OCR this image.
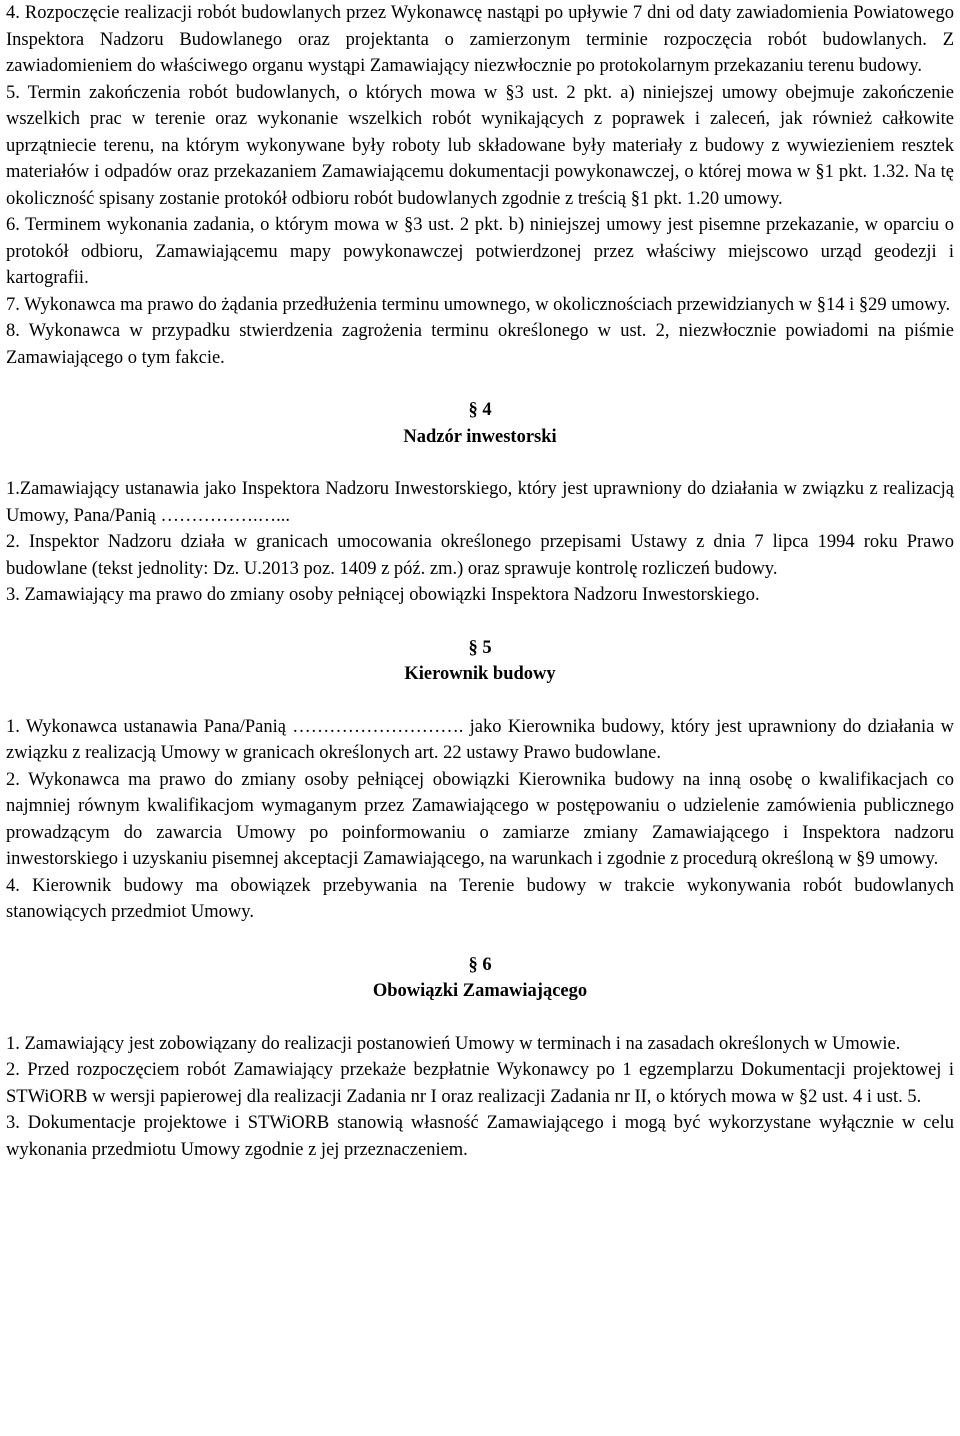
4. Rozpoczęcie realizacji robót budowlanych przez Wykonawcę nastąpi po upływie 7 dni od daty zawiadomienia Powiatowego Inspektora Nadzoru Budowlanego oraz projektanta o zamierzonym terminie rozpoczęcia robót budowlanych. Z zawiadomieniem do właściwego organu wystąpi Zamawiający niezwłocznie po protokolarnym przekazaniu terenu budowy.

5. Termin zakończenia robót budowlanych, o których mowa w §3 ust. 2 pkt. a) niniejszej umowy obejmuje zakończenie wszelkich prac w terenie oraz wykonanie wszelkich robót wynikających z poprawek i zaleceń, jak również całkowite uprzątniecie terenu, na którym wykonywane były roboty lub składowane były materiały z budowy z wywiezieniem resztek materiałów i odpadów oraz przekazaniem Zamawiającemu dokumentacji powykonawczej, o której mowa w §1 pkt. 1.32. Na tę okoliczność spisany zostanie protokół odbioru robót budowlanych zgodnie z treścią §1 pkt. 1.20 umowy.

6. Terminem wykonania zadania, o którym mowa w §3 ust. 2 pkt. b) niniejszej umowy jest pisemne przekazanie, w oparciu o protokół odbioru, Zamawiającemu mapy powykonawczej potwierdzonej przez właściwy miejscowo urząd geodezji i kartografii.

7. Wykonawca ma prawo do żądania przedłużenia terminu umownego, w okolicznościach przewidzianych w §14 i §29 umowy.

8. Wykonawca w przypadku stwierdzenia zagrożenia terminu określonego w ust. 2, niezwłocznie powiadomi na piśmie Zamawiającego o tym fakcie.

§ 4

Nadzór inwestorski

1.Zamawiający ustanawia jako Inspektora Nadzoru Inwestorskiego, który jest uprawniony do działania w związku z realizacją Umowy, Pana/Panią …………….…...

2. Inspektor Nadzoru działa w granicach umocowania określonego przepisami Ustawy z dnia 7 lipca 1994 roku Prawo budowlane (tekst jednolity: Dz. U.2013 poz. 1409 z póź. zm.) oraz sprawuje kontrolę rozliczeń budowy.

3. Zamawiający ma prawo do zmiany osoby pełniącej obowiązki Inspektora Nadzoru Inwestorskiego.

§ 5

Kierownik budowy

1. Wykonawca ustanawia Pana/Panią ………………………. jako Kierownika budowy, który jest uprawniony do działania w związku z realizacją Umowy w granicach określonych art. 22 ustawy Prawo budowlane.

2. Wykonawca ma prawo do zmiany osoby pełniącej obowiązki Kierownika budowy na inną osobę o kwalifikacjach co najmniej równym kwalifikacjom wymaganym przez Zamawiającego w postępowaniu o udzielenie zamówienia publicznego prowadzącym do zawarcia Umowy po poinformowaniu o zamiarze zmiany Zamawiającego i Inspektora nadzoru inwestorskiego i uzyskaniu pisemnej akceptacji Zamawiającego, na warunkach i zgodnie z procedurą określoną w §9 umowy.

4. Kierownik budowy ma obowiązek przebywania na Terenie budowy w trakcie wykonywania robót budowlanych stanowiących przedmiot Umowy.

§ 6

Obowiązki Zamawiającego

1. Zamawiający jest zobowiązany do realizacji postanowień Umowy w terminach i na zasadach określonych w Umowie.

2. Przed rozpoczęciem robót Zamawiający przekaże bezpłatnie Wykonawcy po 1 egzemplarzu Dokumentacji projektowej i STWiORB w wersji papierowej dla realizacji Zadania nr I oraz realizacji Zadania nr II, o których mowa w §2 ust. 4 i ust. 5.

3. Dokumentacje projektowe i STWiORB stanowią własność Zamawiającego i mogą być wykorzystane wyłącznie w celu wykonania przedmiotu Umowy zgodnie z jej przeznaczeniem.
